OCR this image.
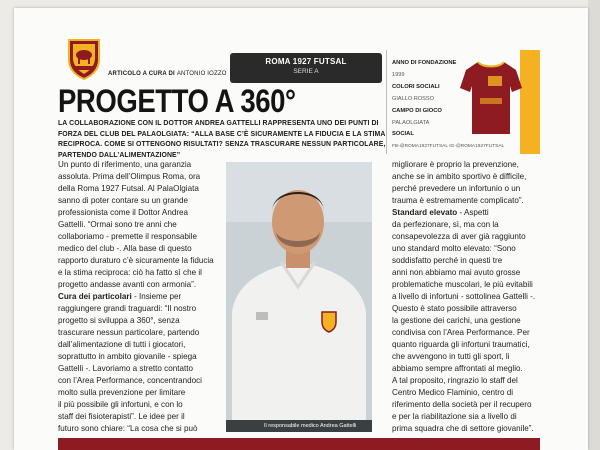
ARTICOLO A CURA DI ANTONIO IOZZO
ROMA 1927 FUTSAL
SERIE A
ANNO DI FONDAZIONE
1999
COLORI SOCIALI
GIALLO ROSSO
CAMPO DI GIOCO
PALAOLGIATA
SOCIAL
FB-@ROMA1927FUTSAL IG-@ROMA1927FUTSAL
PROGETTO A 360°

LA COLLABORAZIONE CON IL DOTTOR ANDREA GATTELLI RAPPRESENTA UNO DEI PUNTI DI FORZA DEL CLUB DEL PALAOLGIATA: “ALLA BASE C’È SICURAMENTE LA FIDUCIA E LA STIMA RECIPROCA. COME SI OTTENGONO RISULTATI? SENZA TRASCURARE NESSUN PARTICOLARE, PARTENDO DALL’ALIMENTAZIONE”

Un punto di riferimento, una garanzia
assoluta. Prima dell’Olimpus Roma, ora
della Roma 1927 Futsal. Al PalaOlgiata
sanno di poter contare su un grande
professionista come il Dottor Andrea
Gattelli. “Ormai sono tre anni che
collaboriamo - premette il responsabile
medico del club -. Alla base di questo
rapporto duraturo c’è sicuramente la fiducia
e la stima reciproca: ciò ha fatto sì che il
progetto andasse avanti con armonia”.
Cura dei particolari - Insieme per
raggiungere grandi traguardi: “Il nostro
progetto si sviluppa a 360°, senza
trascurare nessun particolare, partendo
dall’alimentazione di tutti i giocatori,
soprattutto in ambito giovanile - spiega
Gattelli -. Lavoriamo a stretto contatto
con l’Area Performance, concentrandoci
molto sulla prevenzione per limitare
il più possibile gli infortuni, e con lo
staff dei fisioterapisti”. Le idee per il
futuro sono chiare: “La cosa che si può	Il responsabile medico Andrea Gattelli
migliorare è proprio la prevenzione,
anche se in ambito sportivo è difficile,
perché prevedere un infortunio o un
trauma è estremamente complicato”.
Standard elevato - Aspetti
da perfezionare, sì, ma con la
consapevolezza di aver già raggiunto
uno standard molto elevato: “Sono
soddisfatto perché in questi tre
anni non abbiamo mai avuto grosse
problematiche muscolari, le più evitabili
a livello di infortuni - sottolinea Gattelli -.
Questo è stato possibile attraverso
la gestione dei carichi, una gestione
condivisa con l’Area Performance. Per
quanto riguarda gli infortuni traumatici,
che avvengono in tutti gli sport, li
abbiamo sempre affrontati al meglio.
A tal proposito, ringrazio lo staff del
Centro Medico Flaminio, centro di
riferimento della società per il recupero
e per la riabilitazione sia a livello di
prima squadra che di settore giovanile”.
